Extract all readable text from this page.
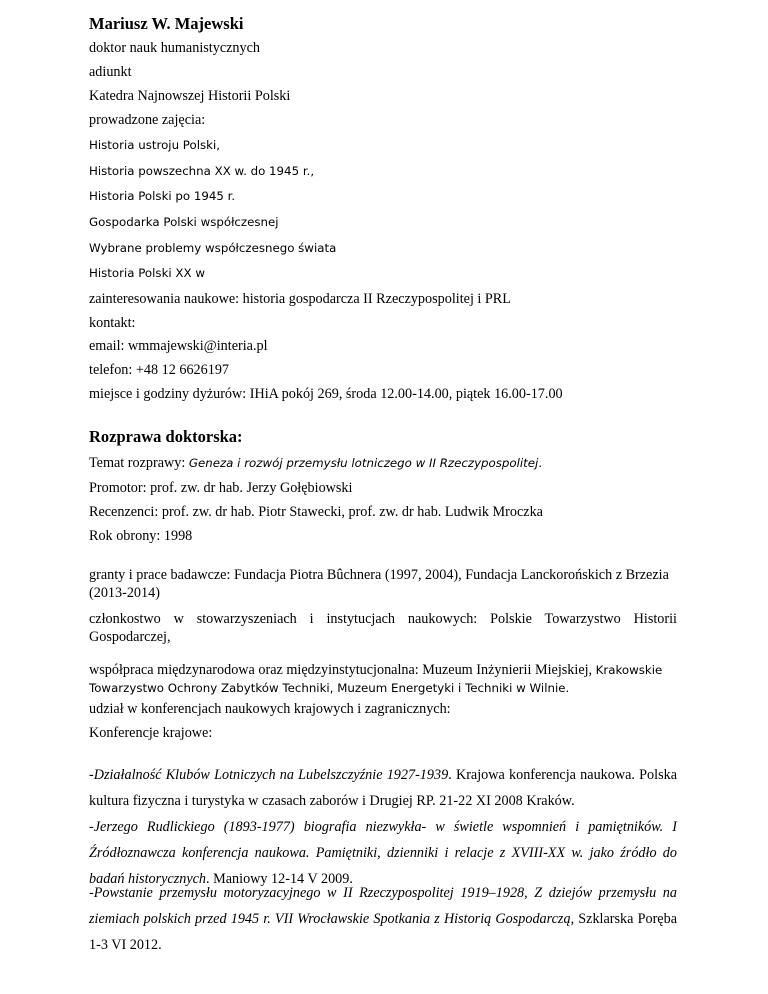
Mariusz W. Majewski
doktor nauk humanistycznych
adiunkt
Katedra Najnowszej Historii Polski
prowadzone zajęcia:
Historia ustroju Polski,
Historia powszechna XX w. do 1945 r.,
Historia Polski po 1945 r.
Gospodarka Polski współczesnej
Wybrane problemy współczesnego świata
Historia Polski XX w
zainteresowania naukowe: historia gospodarcza II Rzeczypospolitej i PRL
kontakt:
email: wmmajewski@interia.pl
telefon: +48 12 6626197
miejsce i godziny dyżurów: IHiA pokój 269, środa 12.00-14.00, piątek 16.00-17.00
Rozprawa doktorska:
Temat rozprawy: Geneza i rozwój przemysłu lotniczego w II Rzeczypospolitej.
Promotor: prof. zw. dr hab. Jerzy Gołębiowski
Recenzenci: prof. zw. dr hab. Piotr Stawecki, prof. zw. dr hab. Ludwik Mroczka
Rok obrony: 1998
granty i prace badawcze: Fundacja Piotra Bûchnera (1997, 2004), Fundacja Lanckorońskich z Brzezia (2013-2014)
członkostwo w stowarzyszeniach i instytucjach naukowych: Polskie Towarzystwo Historii Gospodarczej,
współpraca międzynarodowa oraz międzyinstytucjonalna: Muzeum Inżynierii Miejskiej, Krakowskie Towarzystwo Ochrony Zabytków Techniki, Muzeum Energetyki i Techniki w Wilnie.
udział w konferencjach naukowych krajowych i zagranicznych:
Konferencje krajowe:
-Działalność Klubów Lotniczych na Lubelszczyźnie 1927-1939. Krajowa konferencja naukowa. Polska kultura fizyczna i turystyka w czasach zaborów i Drugiej RP. 21-22 XI 2008 Kraków.
-Jerzego Rudlickiego (1893-1977) biografia niezwykła- w świetle wspomnień i pamiętników. I Źródłoznawcza konferencja naukowa. Pamiętniki, dzienniki i relacje z XVIII-XX w. jako źródło do badań historycznych. Maniowy 12-14 V 2009.
-Powstanie przemysłu motoryzacyjnego w II Rzeczypospolitej 1919–1928, Z dziejów przemysłu na ziemiach polskich przed 1945 r. VII Wrocławskie Spotkania z Historią Gospodarczą, Szklarska Poręba 1-3 VI 2012.
